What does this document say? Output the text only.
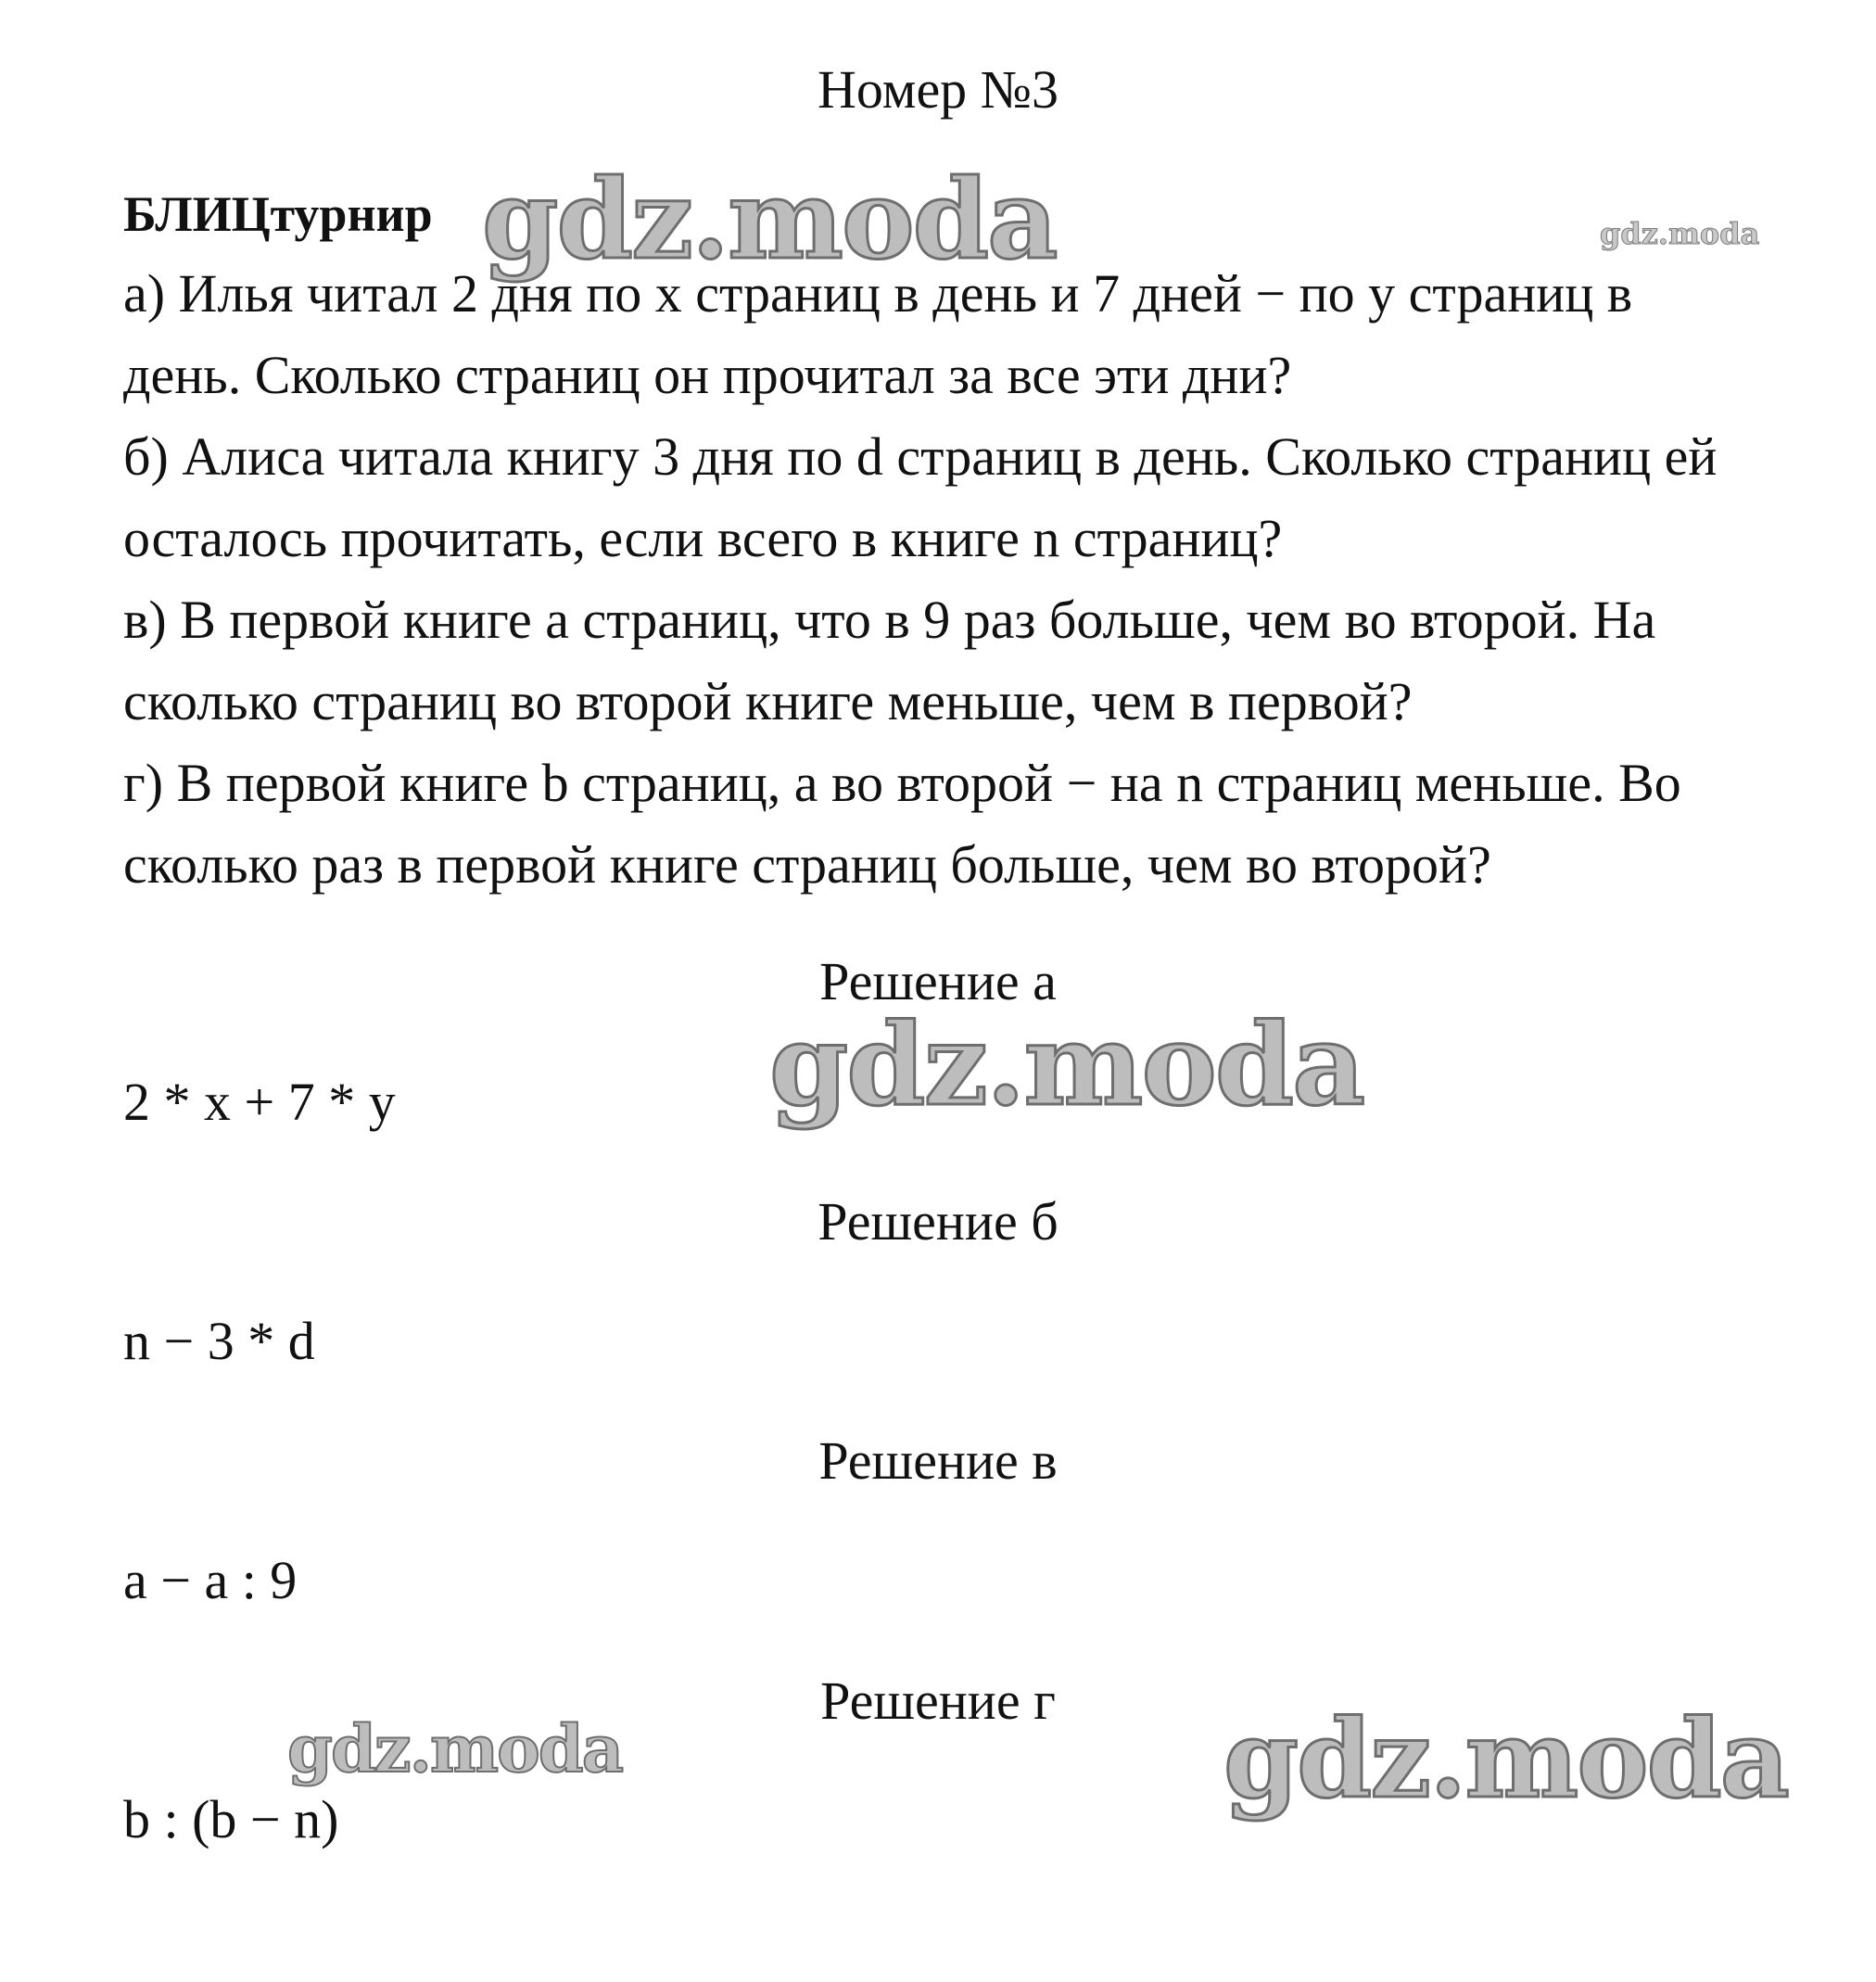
Номер №3
БЛИЦтурнир
а) Илья читал 2 дня по x страниц в день и 7 дней − по y страниц в
день. Сколько страниц он прочитал за все эти дни?
б) Алиса читала книгу 3 дня по d страниц в день. Сколько страниц ей
осталось прочитать, если всего в книге n страниц?
в) В первой книге a страниц, что в 9 раз больше, чем во второй. На
сколько страниц во второй книге меньше, чем в первой?
г) В первой книге b страниц, а во второй − на n страниц меньше. Во
сколько раз в первой книге страниц больше, чем во второй?
Решение а
2 * x + 7 * y
Решение б
n − 3 * d
Решение в
a − a : 9
Решение г
b : (b − n)
gdz.moda	gdz.moda
gdz.moda
gdz.moda	gdz.moda
